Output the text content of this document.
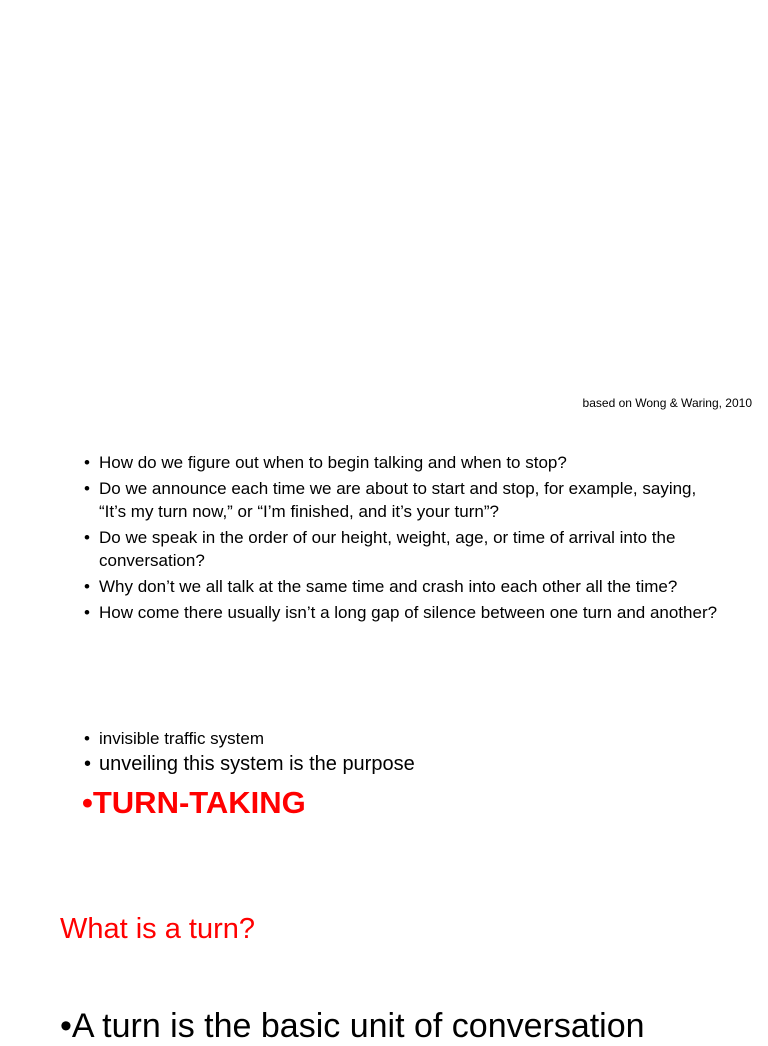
based on Wong & Waring, 2010
• How do we figure out when to begin talking and when to stop?
• Do we announce each time we are about to start and stop, for example, saying, “It’s my turn now,” or “I’m finished, and it’s your turn”?
• Do we speak in the order of our height, weight, age, or time of arrival into the conversation?
• Why don’t we all talk at the same time and crash into each other all the time?
• How come there usually isn’t a long gap of silence between one turn and another?
• invisible traffic system
• unveiling this system is the purpose
•TURN-TAKING
What is a turn?
•A turn is the basic unit of conversation
